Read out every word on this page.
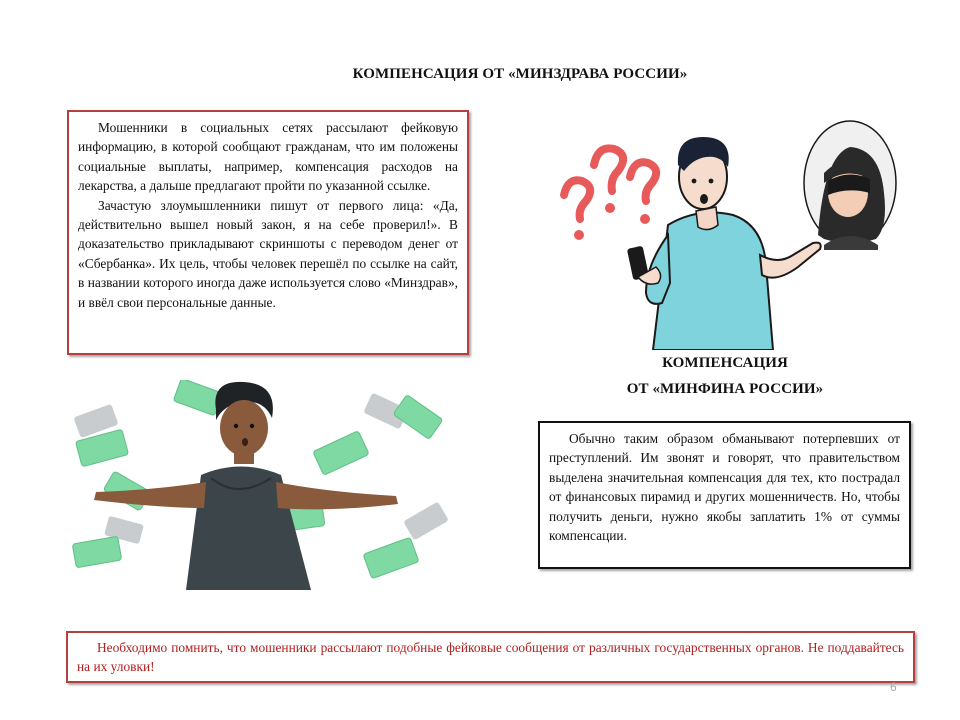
КОМПЕНСАЦИЯ ОТ «МИНЗДРАВА РОССИИ»

Мошенники в социальных сетях рассылают фейковую информацию, в которой сообщают гражданам, что им положены социальные выплаты, например, компенсация расходов на лекарства, а дальше предлагают пройти по указанной ссылке.

Зачастую злоумышленники пишут от первого лица: «Да, действительно вышел новый закон, я на себе проверил!». В доказательство прикладывают скриншоты с переводом денег от «Сбербанка». Их цель, чтобы человек перешёл по ссылке на сайт, в названии которого иногда даже используется слово «Минздрав», и ввёл свои персональные данные.

КОМПЕНСАЦИЯ
ОТ «МИНФИНА РОССИИ»

Обычно таким образом обманывают потерпевших от преступлений. Им звонят и говорят, что правительством выделена значительная компенсация для тех, кто пострадал от финансовых пирамид и других мошенничеств. Но, чтобы получить деньги, нужно якобы заплатить 1% от суммы компенсации.

Необходимо помнить, что мошенники рассылают подобные фейковые сообщения от различных государственных органов. Не поддавайтесь на их уловки!

6
